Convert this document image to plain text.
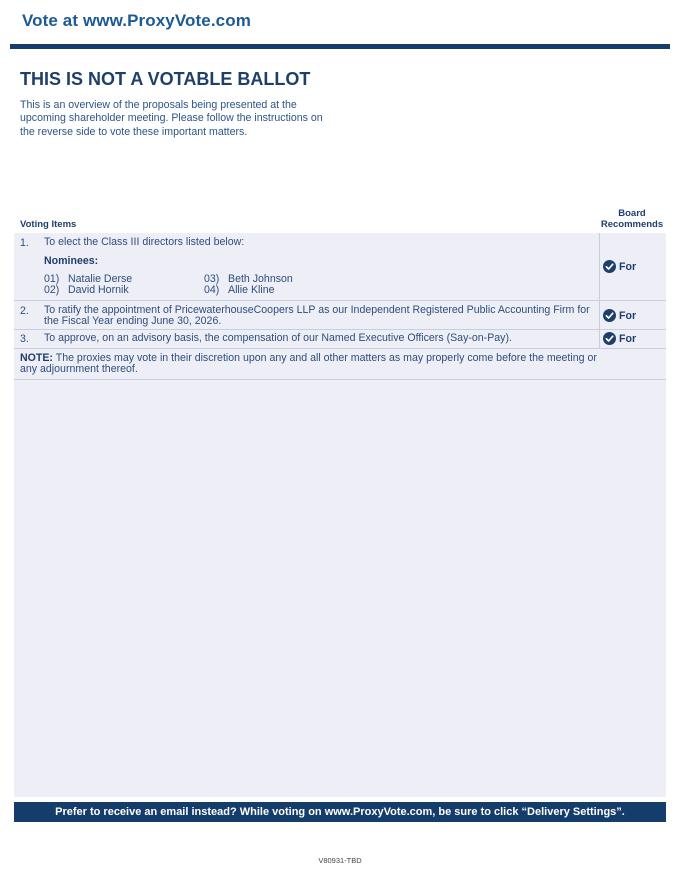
Vote at www.ProxyVote.com
THIS IS NOT A VOTABLE BALLOT

This is an overview of the proposals being presented at the upcoming shareholder meeting. Please follow the instructions on the reverse side to vote these important matters.

Voting Items
Board
Recommends
1. To elect the Class III directors listed below:
Nominees:
01) Natalie Derse
02) David Hornik
03) Beth Johnson
04) Allie Kline
For
2. To ratify the appointment of PricewaterhouseCoopers LLP as our Independent Registered Public Accounting Firm for the Fiscal Year ending June 30, 2026.	For
3. To approve, on an advisory basis, the compensation of our Named Executive Officers (Say-on-Pay).	For
NOTE: The proxies may vote in their discretion upon any and all other matters as may properly come before the meeting or any adjournment thereof.
Prefer to receive an email instead? While voting on www.ProxyVote.com, be sure to click “Delivery Settings”.
V80931-TBD
